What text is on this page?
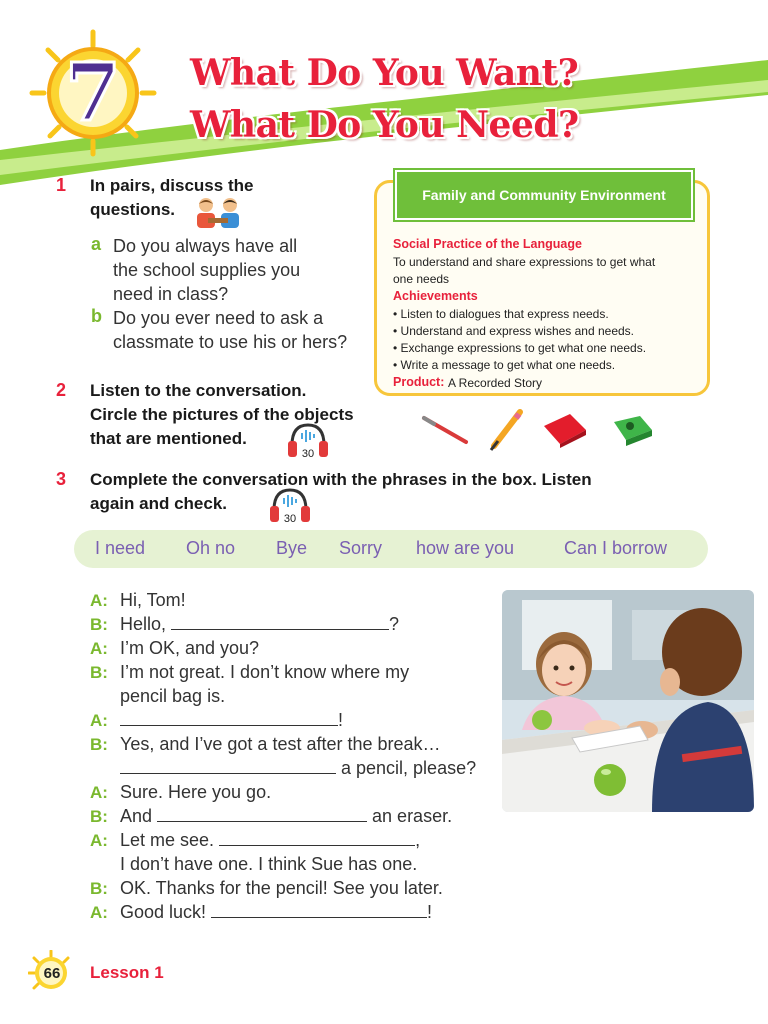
7 What Do You Want?
What Do You Need?
1 In pairs, discuss the
questions.
a Do you always have all
the school supplies you
need in class?
b Do you ever need to ask a
classmate to use his or hers?
Family and Community Environment
Social Practice of the Language
To understand and share expressions to get what
one needs
Achievements
• Listen to dialogues that express needs.
• Understand and express wishes and needs.
• Exchange expressions to get what one needs.
• Write a message to get what one needs.
Product: A Recorded Story
2 Listen to the conversation.
Circle the pictures of the objects
that are mentioned.
30
3 Complete the conversation with the phrases in the box. Listen
again and check.
30
I need Oh no Bye Sorry how are you	Can I borrow
A: Hi, Tom!
B: Hello,	?
A: I’m OK, and you?
B: I’m not great. I don’t know where my
pencil bag is.
A:	!
B: Yes, and I’ve got a test after the break…
a pencil, please?
A: Sure. Here you go.
B: And	an eraser.
A: Let me see.	,
I don’t have one. I think Sue has one.
B: OK. Thanks for the pencil! See you later.
A: Good luck!	!
66	Lesson 1
